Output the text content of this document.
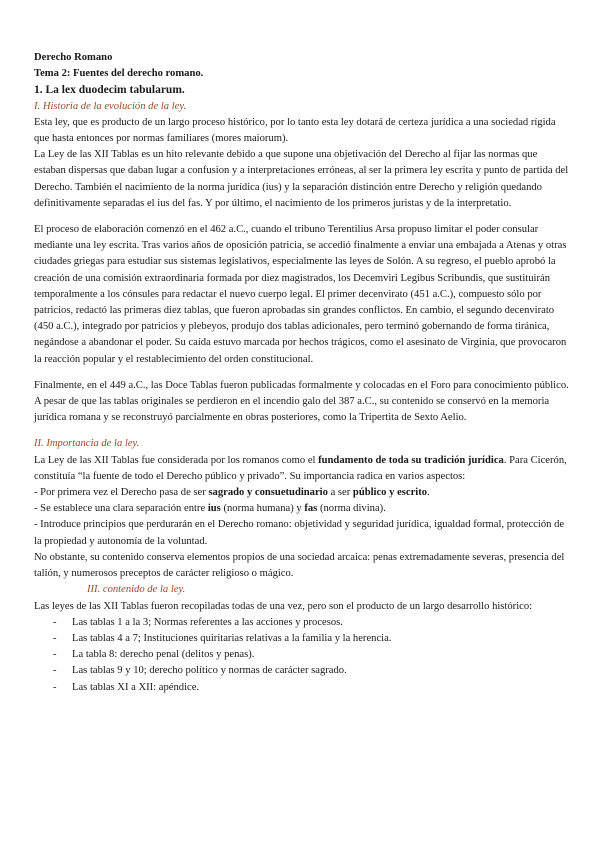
Derecho Romano

Tema 2: Fuentes del derecho romano.

1. La lex duodecim tabularum.

I. Historia de la evolución de la ley.

Esta ley, que es producto de un largo proceso histórico, por lo tanto esta ley dotará de certeza jurídica a una sociedad rígida que hasta entonces por normas familiares (mores maiorum).

La Ley de las XII Tablas es un hito relevante debido a que supone una objetivación del Derecho al fijar las normas que estaban dispersas que daban lugar a confusion y a interpretaciones erróneas, al ser la primera ley escrita y punto de partida del Derecho. También el nacimiento de la norma jurídica (ius) y la separación distinción entre Derecho y religión quedando definitivamente separadas el ius del fas. Y por último, el nacimiento de los primeros juristas y de la interpretatio.

El proceso de elaboración comenzó en el 462 a.C., cuando el tribuno Terentilius Arsa propuso limitar el poder consular mediante una ley escrita. Tras varios años de oposición patricia, se accedió finalmente a enviar una embajada a Atenas y otras ciudades griegas para estudiar sus sistemas legislativos, especialmente las leyes de Solón. A su regreso, el pueblo aprobó la creación de una comisión extraordinaria formada por diez magistrados, los Decemviri Legibus Scribundis, que sustituirán temporalmente a los cónsules para redactar el nuevo cuerpo legal. El primer decenvirato (451 a.C.), compuesto sólo por patricios, redactó las primeras diez tablas, que fueron aprobadas sin grandes conflictos. En cambio, el segundo decenvirato (450 a.C.), integrado por patricios y plebeyos, produjo dos tablas adicionales, pero terminó gobernando de forma tiránica, negándose a abandonar el poder. Su caída estuvo marcada por hechos trágicos, como el asesinato de Virginia, que provocaron la reacción popular y el restablecimiento del orden constitucional.

Finalmente, en el 449 a.C., las Doce Tablas fueron publicadas formalmente y colocadas en el Foro para conocimiento público. A pesar de que las tablas originales se perdieron en el incendio galo del 387 a.C., su contenido se conservó en la memoria jurídica romana y se reconstruyó parcialmente en obras posteriores, como la Tripertita de Sexto Aelio.

II. Importancia de la ley.

La Ley de las XII Tablas fue considerada por los romanos como el fundamento de toda su tradición jurídica. Para Cicerón, constituía “la fuente de todo el Derecho público y privado”. Su importancia radica en varios aspectos:

- Por primera vez el Derecho pasa de ser sagrado y consuetudinario a ser público y escrito.

- Se establece una clara separación entre ius (norma humana) y fas (norma divina).

- Introduce principios que perdurarán en el Derecho romano: objetividad y seguridad jurídica, igualdad formal, protección de la propiedad y autonomía de la voluntad.

No obstante, su contenido conserva elementos propios de una sociedad arcaica: penas extremadamente severas, presencia del talión, y numerosos preceptos de carácter religioso o mágico.

III. contenido de la ley.

Las leyes de las XII Tablas fueron recopiladas todas de una vez, pero son el producto de un largo desarrollo histórico:

- Las tablas 1 a la 3; Normas referentes a las acciones y procesos.
- Las tablas 4 a 7; Instituciones quiritarias relativas a la familia y la herencia.
- La tabla 8: derecho penal (delitos y penas).
- Las tablas 9 y 10; derecho político y normas de carácter sagrado.
- Las tablas XI a XII: apéndice.
